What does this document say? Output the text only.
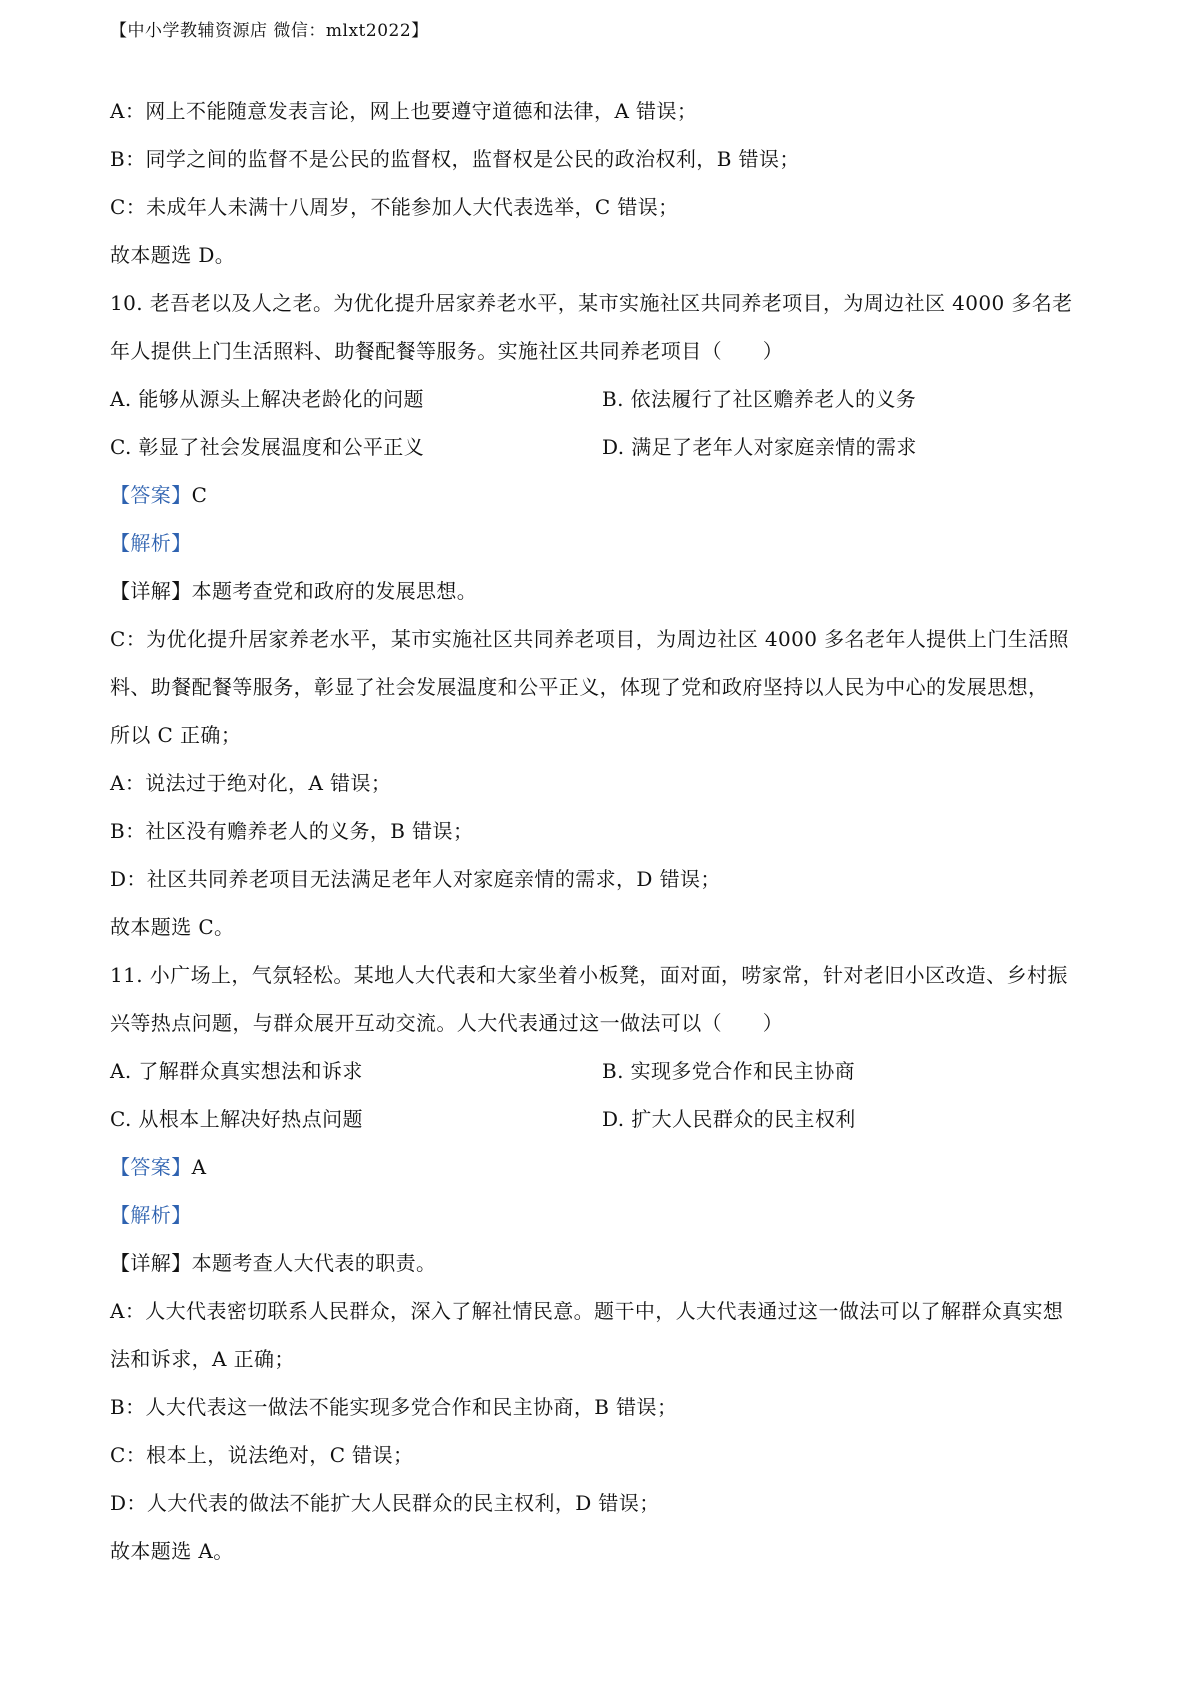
【中小学教辅资源店 微信：mlxt2022】
A：网上不能随意发表言论，网上也要遵守道德和法律，A 错误；
B：同学之间的监督不是公民的监督权，监督权是公民的政治权利，B 错误；
C：未成年人未满十八周岁，不能参加人大代表选举，C 错误；
故本题选 D。
10. 老吾老以及人之老。为优化提升居家养老水平，某市实施社区共同养老项目，为周边社区 4000 多名老
年人提供上门生活照料、助餐配餐等服务。实施社区共同养老项目（　　）
A. 能够从源头上解决老龄化的问题	B. 依法履行了社区赡养老人的义务
C. 彰显了社会发展温度和公平正义	D. 满足了老年人对家庭亲情的需求
【答案】C
【解析】
【详解】本题考查党和政府的发展思想。
C：为优化提升居家养老水平，某市实施社区共同养老项目，为周边社区 4000 多名老年人提供上门生活照
料、助餐配餐等服务，彰显了社会发展温度和公平正义，体现了党和政府坚持以人民为中心的发展思想，
所以 C 正确；
A：说法过于绝对化，A 错误；
B：社区没有赡养老人的义务，B 错误；
D：社区共同养老项目无法满足老年人对家庭亲情的需求，D 错误；
故本题选 C。
11. 小广场上，气氛轻松。某地人大代表和大家坐着小板凳，面对面，唠家常，针对老旧小区改造、乡村振
兴等热点问题，与群众展开互动交流。人大代表通过这一做法可以（　　）
A. 了解群众真实想法和诉求	B. 实现多党合作和民主协商
C. 从根本上解决好热点问题	D. 扩大人民群众的民主权利
【答案】A
【解析】
【详解】本题考查人大代表的职责。
A：人大代表密切联系人民群众，深入了解社情民意。题干中，人大代表通过这一做法可以了解群众真实想
法和诉求，A 正确；
B：人大代表这一做法不能实现多党合作和民主协商，B 错误；
C：根本上，说法绝对，C 错误；
D：人大代表的做法不能扩大人民群众的民主权利，D 错误；
故本题选 A。
